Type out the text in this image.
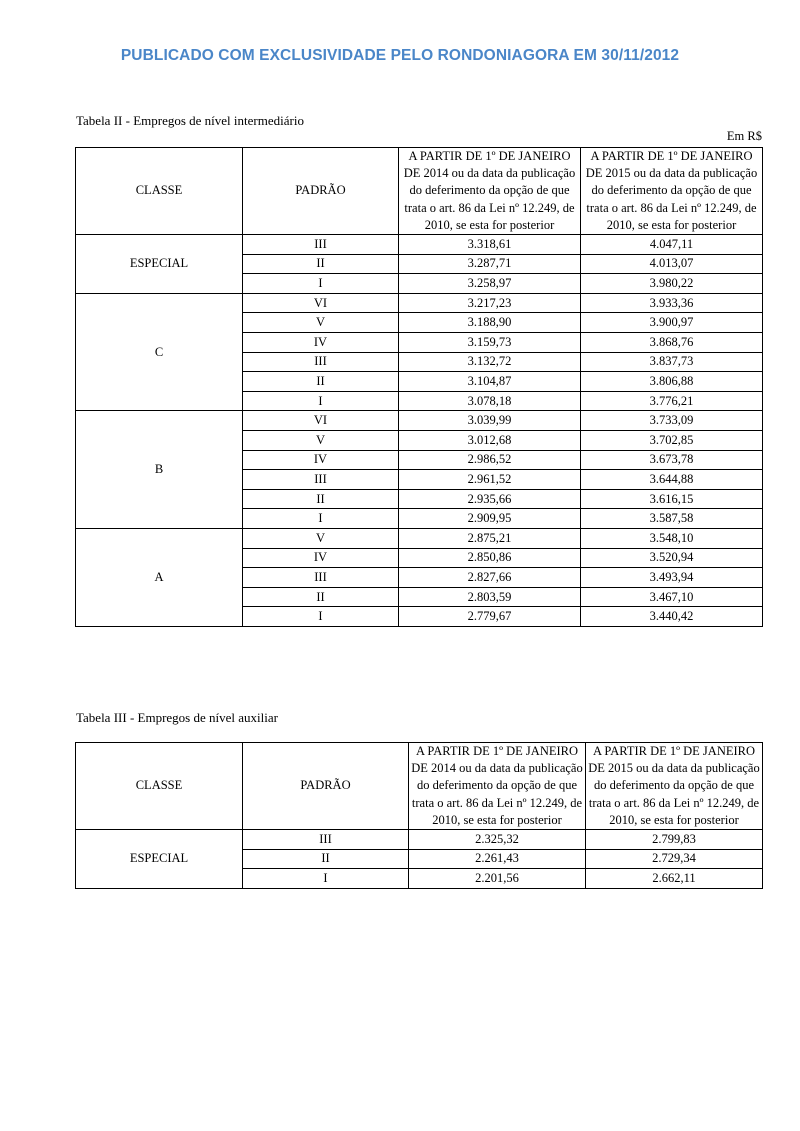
PUBLICADO COM EXCLUSIVIDADE PELO RONDONIAGORA EM 30/11/2012
Tabela II - Empregos de nível intermediário
Em R$
CLASSE	PADRÃO	A PARTIR DE 1º DE JANEIRO DE 2014 ou da data da publicação do deferimento da opção de que trata o art. 86 da Lei nº 12.249, de 2010, se esta for posterior	A PARTIR DE 1º DE JANEIRO DE 2015 ou da data da publicação do deferimento da opção de que trata o art. 86 da Lei nº 12.249, de 2010, se esta for posterior
ESPECIAL	III	3.318,61	4.047,11
	II	3.287,71	4.013,07
	I	3.258,97	3.980,22
C	VI	3.217,23	3.933,36
	V	3.188,90	3.900,97
	IV	3.159,73	3.868,76
	III	3.132,72	3.837,73
	II	3.104,87	3.806,88
	I	3.078,18	3.776,21
B	VI	3.039,99	3.733,09
	V	3.012,68	3.702,85
	IV	2.986,52	3.673,78
	III	2.961,52	3.644,88
	II	2.935,66	3.616,15
	I	2.909,95	3.587,58
A	V	2.875,21	3.548,10
	IV	2.850,86	3.520,94
	III	2.827,66	3.493,94
	II	2.803,59	3.467,10
	I	2.779,67	3.440,42
Tabela III - Empregos de nível auxiliar
CLASSE	PADRÃO	A PARTIR DE 1º DE JANEIRO DE 2014 ou da data da publicação do deferimento da opção de que trata o art. 86 da Lei nº 12.249, de 2010, se esta for posterior	A PARTIR DE 1º DE JANEIRO DE 2015 ou da data da publicação do deferimento da opção de que trata o art. 86 da Lei nº 12.249, de 2010, se esta for posterior
ESPECIAL	III	2.325,32	2.799,83
	II	2.261,43	2.729,34
	I	2.201,56	2.662,11
